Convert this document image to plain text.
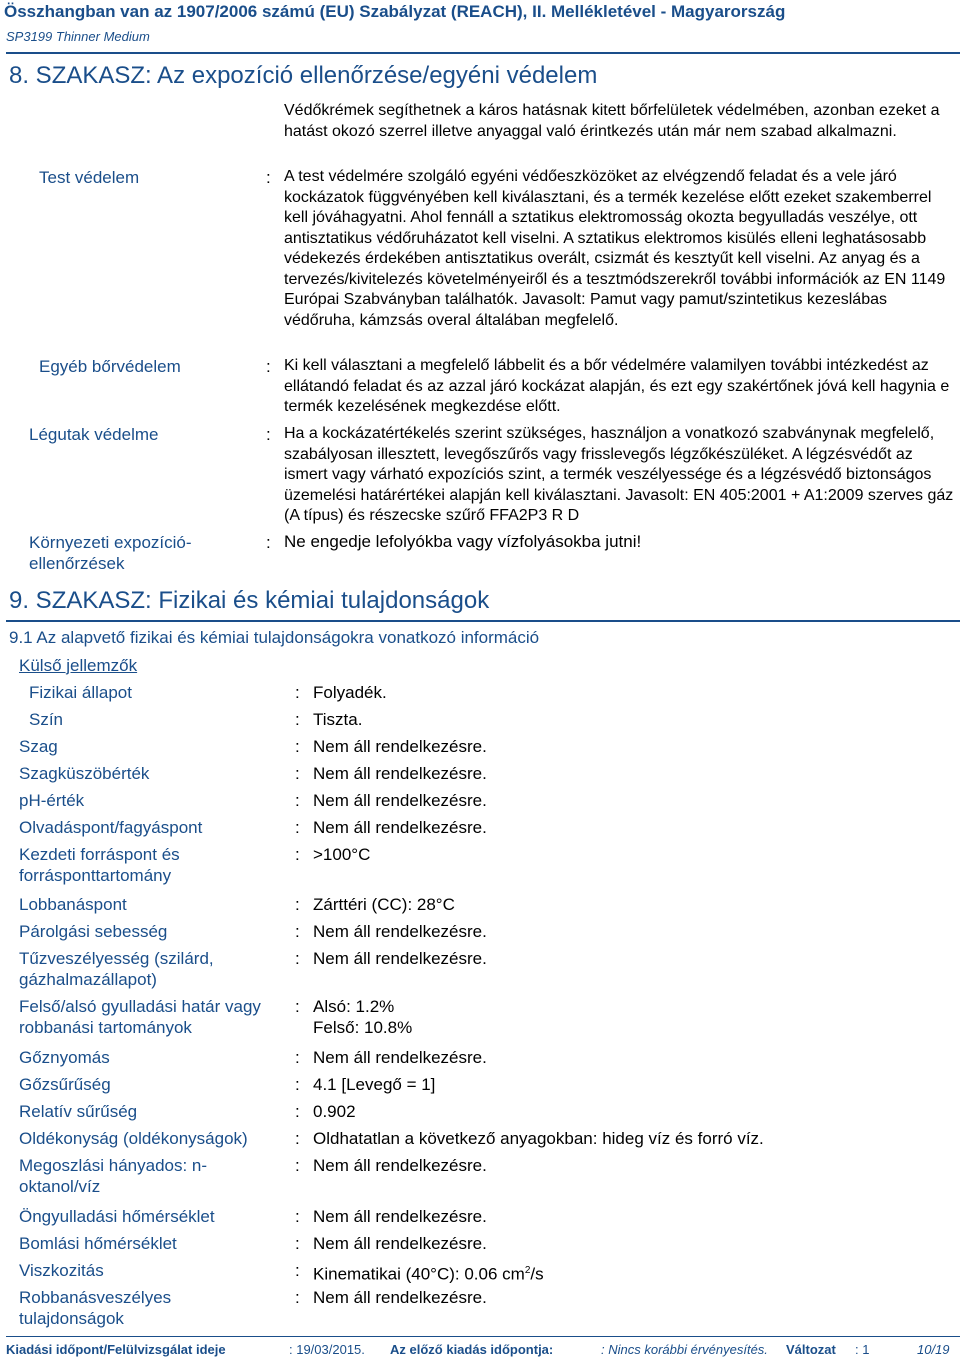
Összhangban van az 1907/2006 számú (EU) Szabályzat (REACH), II. Mellékletével - Magyarország
SP3199 Thinner Medium
8. SZAKASZ: Az expozíció ellenőrzése/egyéni védelem
Védőkrémek segíthetnek a káros hatásnak kitett bőrfelületek védelmében, azonban ezeket a hatást okozó szerrel illetve anyaggal való érintkezés után már nem szabad alkalmazni.
Test védelem	: A test védelmére szolgáló egyéni védőeszközöket az elvégzendő feladat és a vele járó kockázatok függvényében kell kiválasztani, és a termék kezelése előtt ezeket szakemberrel kell jóváhagyatni. Ahol fennáll a sztatikus elektromosság okozta begyulladás veszélye, ott antisztatikus védőruházatot kell viselni. A sztatikus elektromos kisülés elleni leghatásosabb védekezés érdekében antisztatikus overált, csizmát és kesztyűt kell viselni. Az anyag és a tervezés/kivitelezés követelményeiről és a tesztmódszerekről további információk az EN 1149 Európai Szabványban találhatók. Javasolt: Pamut vagy pamut/szintetikus kezeslábas védőruha, kámzsás overal általában megfelelő.
Egyéb bőrvédelem	: Ki kell választani a megfelelő lábbelit és a bőr védelmére valamilyen további intézkedést az ellátandó feladat és az azzal járó kockázat alapján, és ezt egy szakértőnek jóvá kell hagynia e termék kezelésének megkezdése előtt.
Légutak védelme	: Ha a kockázatértékelés szerint szükséges, használjon a vonatkozó szabványnak megfelelő, szabályosan illesztett, levegőszűrős vagy frisslevegős légzőkészüléket. A légzésvédőt az ismert vagy várható expozíciós szint, a termék veszélyessége és a légzésvédő biztonságos üzemelési határértékei alapján kell kiválasztani. Javasolt: EN 405:2001 + A1:2009 szerves gáz (A típus) és részecske szűrő FFA2P3 R D
Környezeti expozíció-ellenőrzések
: Ne engedje lefolyókba vagy vízfolyásokba jutni!
9. SZAKASZ: Fizikai és kémiai tulajdonságok
9.1 Az alapvető fizikai és kémiai tulajdonságokra vonatkozó információ
Külső jellemzők
Fizikai állapot	: Folyadék.
Szín	: Tiszta.
Szag	: Nem áll rendelkezésre.
Szagküszöbérték	: Nem áll rendelkezésre.
pH-érték	: Nem áll rendelkezésre.
Olvadáspont/fagyáspont	: Nem áll rendelkezésre.
Kezdeti forráspont és forrásponttartomány
: >100°C
Lobbanáspont	: Zárttéri (CC): 28°C
Párolgási sebesség	: Nem áll rendelkezésre.
Tűzveszélyesség (szilárd, gázhalmazállapot)
: Nem áll rendelkezésre.
Felső/alsó gyulladási határ vagy robbanási tartományok
: Alsó: 1.2%
Felső: 10.8%
Gőznyomás	: Nem áll rendelkezésre.
Gőzsűrűség	: 4.1 [Levegő = 1]
Relatív sűrűség	: 0.902
Oldékonyság (oldékonyságok)	: Oldhatatlan a következő anyagokban: hideg víz és forró víz.
Megoszlási hányados: n-oktanol/víz
: Nem áll rendelkezésre.
Öngyulladási hőmérséklet	: Nem áll rendelkezésre.
Bomlási hőmérséklet	: Nem áll rendelkezésre.
Viszkozitás	: Kinematikai (40°C): 0.06 $cm^2/s$
Robbanásveszélyes tulajdonságok
: Nem áll rendelkezésre.
Kiadási időpont/Felülvizsgálat ideje	: 19/03/2015. Az előző kiadás időpontja:	: Nincs korábbi érvényesítés. Változat : 1	10/19
